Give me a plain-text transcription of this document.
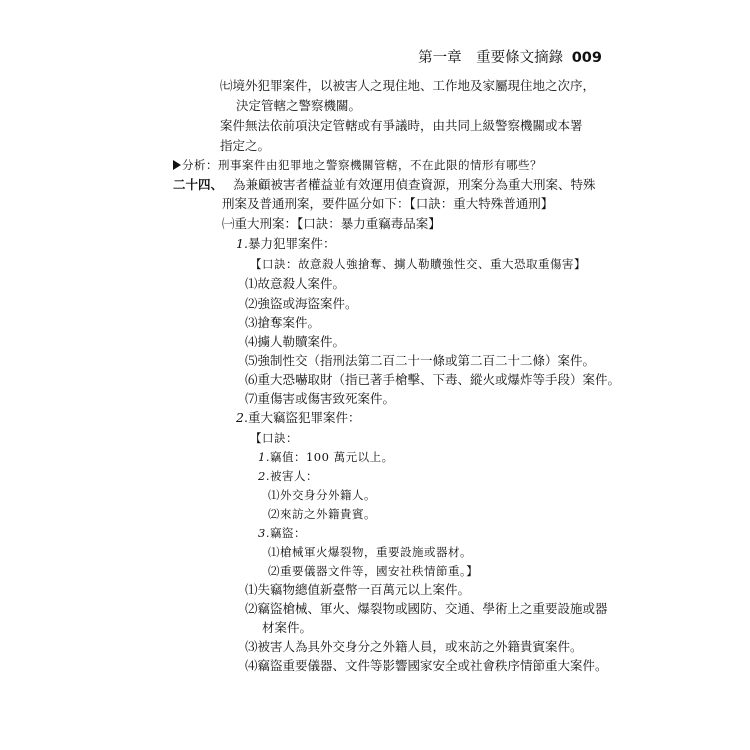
第一章　重要條文摘錄 009
㈦境外犯罪案件，以被害人之現住地、工作地及家屬現住地之次序，
決定管轄之警察機關。
案件無法依前項決定管轄或有爭議時，由共同上級警察機關或本署
指定之。
分析：刑事案件由犯罪地之警察機關管轄，不在此限的情形有哪些？
二十四、 為兼顧被害者權益並有效運用偵查資源，刑案分為重大刑案、特殊
刑案及普通刑案，要件區分如下：【口訣：重大特殊普通刑】
㈠重大刑案：【口訣：暴力重竊毒品案】
1.暴力犯罪案件：
【口訣：故意殺人強搶奪、擄人勒贖強性交、重大恐取重傷害】
⑴故意殺人案件。
⑵強盜或海盜案件。
⑶搶奪案件。
⑷擄人勒贖案件。
⑸強制性交（指刑法第二百二十一條或第二百二十二條）案件。
⑹重大恐嚇取財（指已著手槍擊、下毒、縱火或爆炸等手段）案件。
⑺重傷害或傷害致死案件。
2.重大竊盜犯罪案件：
【口訣：
1.竊值：100 萬元以上。
2.被害人：
⑴外交身分外籍人。
⑵來訪之外籍貴賓。
3.竊盜：
⑴槍械軍火爆裂物，重要設施或器材。
⑵重要儀器文件等，國安社秩情節重。】
⑴失竊物總值新臺幣一百萬元以上案件。
⑵竊盜槍械、軍火、爆裂物或國防、交通、學術上之重要設施或器
材案件。
⑶被害人為具外交身分之外籍人員，或來訪之外籍貴賓案件。
⑷竊盜重要儀器、文件等影響國家安全或社會秩序情節重大案件。
